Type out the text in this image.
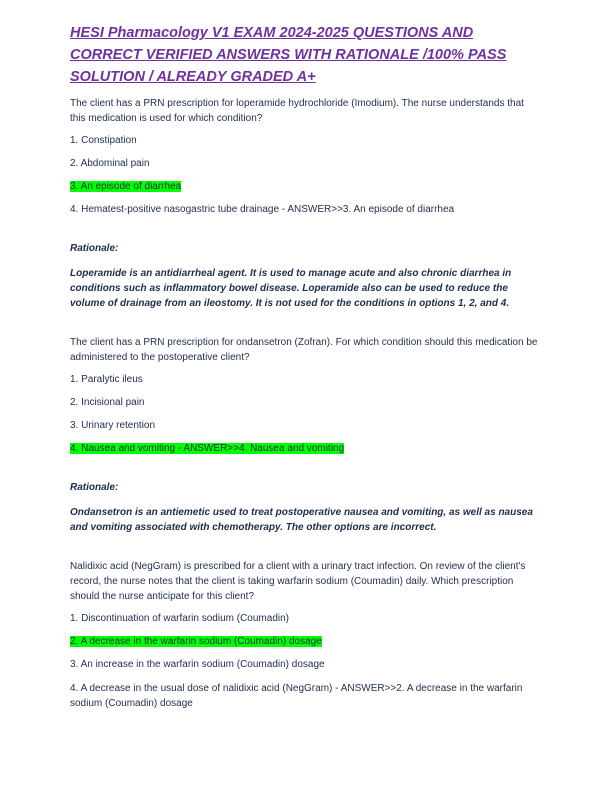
HESI Pharmacology V1 EXAM 2024-2025 QUESTIONS AND CORRECT VERIFIED ANSWERS WITH RATIONALE /100% PASS SOLUTION / ALREADY GRADED A+

The client has a PRN prescription for loperamide hydrochloride (Imodium). The nurse understands that this medication is used for which condition?

1. Constipation

2. Abdominal pain

3. An episode of diarrhea

4. Hematest-positive nasogastric tube drainage - ANSWER>>3. An episode of diarrhea

Rationale:

Loperamide is an antidiarrheal agent. It is used to manage acute and also chronic diarrhea in conditions such as inflammatory bowel disease. Loperamide also can be used to reduce the volume of drainage from an ileostomy. It is not used for the conditions in options 1, 2, and 4.

The client has a PRN prescription for ondansetron (Zofran). For which condition should this medication be administered to the postoperative client?

1. Paralytic ileus

2. Incisional pain

3. Urinary retention

4. Nausea and vomiting - ANSWER>>4. Nausea and vomiting

Rationale:

Ondansetron is an antiemetic used to treat postoperative nausea and vomiting, as well as nausea and vomiting associated with chemotherapy. The other options are incorrect.

Nalidixic acid (NegGram) is prescribed for a client with a urinary tract infection. On review of the client's record, the nurse notes that the client is taking warfarin sodium (Coumadin) daily. Which prescription should the nurse anticipate for this client?

1. Discontinuation of warfarin sodium (Coumadin)

2. A decrease in the warfarin sodium (Coumadin) dosage

3. An increase in the warfarin sodium (Coumadin) dosage

4. A decrease in the usual dose of nalidixic acid (NegGram) - ANSWER>>2. A decrease in the warfarin sodium (Coumadin) dosage
